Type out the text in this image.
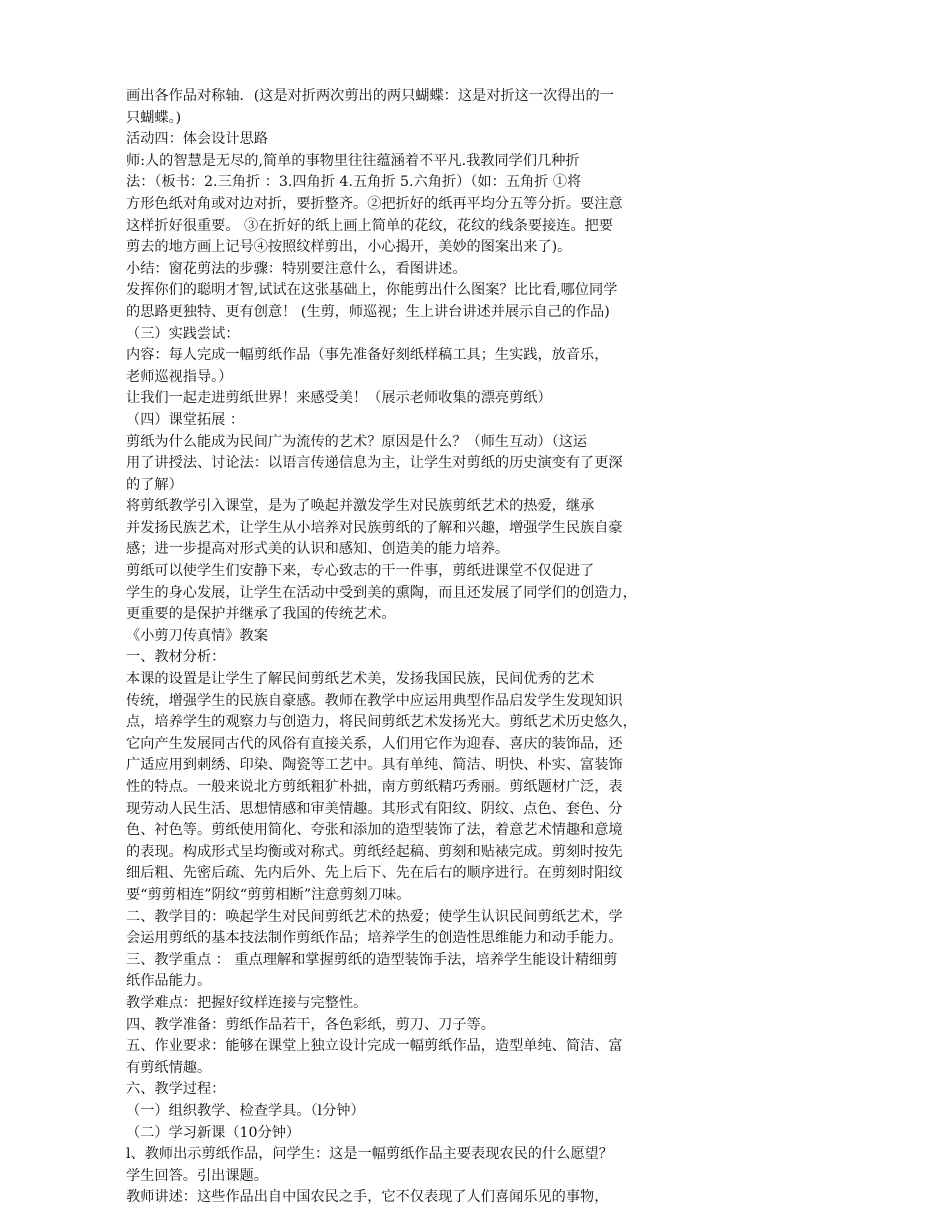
画出各作品对称轴．(这是对折两次剪出的两只蝴蝶：这是对折这一次得出的一
只蝴蝶。)
活动四：体会设计思路
师:人的智慧是无尽的,简单的事物里往往蕴涵着不平凡.我教同学们几种折
法：（板书：2.三角折 ：3.四角折 4.五角折 5.六角折）（如：五角折 ①将
方形色纸对角或对边对折，要折整齐。②把折好的纸再平均分五等分折。要注意
这样折好很重要。 ③在折好的纸上画上简单的花纹，花纹的线条要接连。把要
剪去的地方画上记号④按照纹样剪出，小心揭开，美妙的图案出来了)。
小结：窗花剪法的步骤：特别要注意什么，看图讲述。
发挥你们的聪明才智,试试在这张基础上，你能剪出什么图案？比比看,哪位同学
的思路更独特、更有创意！ (生剪，师巡视；生上讲台讲述并展示自己的作品)
（三）实践尝试：
内容：每人完成一幅剪纸作品（事先准备好刻纸样稿工具；生实践，放音乐，
老师巡视指导。）
让我们一起走进剪纸世界！来感受美！（展示老师收集的漂亮剪纸）
（四）课堂拓展 ：
剪纸为什么能成为民间广为流传的艺术？原因是什么？（师生互动）（这运
用了讲授法、讨论法：以语言传递信息为主，让学生对剪纸的历史演变有了更深
的了解）
将剪纸教学引入课堂，是为了唤起并激发学生对民族剪纸艺术的热爱，继承
并发扬民族艺术，让学生从小培养对民族剪纸的了解和兴趣，增强学生民族自豪
感；进一步提高对形式美的认识和感知、创造美的能力培养。
剪纸可以使学生们安静下来，专心致志的干一件事，剪纸进课堂不仅促进了
学生的身心发展，让学生在活动中受到美的熏陶，而且还发展了同学们的创造力，
更重要的是保护并继承了我国的传统艺术。
《小剪刀传真情》教案
一、教材分析：
本课的设置是让学生了解民间剪纸艺术美，发扬我国民族，民间优秀的艺术
传统，增强学生的民族自豪感。教师在教学中应运用典型作品启发学生发现知识
点，培养学生的观察力与创造力，将民间剪纸艺术发扬光大。剪纸艺术历史悠久，
它向产生发展同古代的风俗有直接关系，人们用它作为迎春、喜庆的装饰品，还
广适应用到刺绣、印染、陶瓷等工艺中。具有单纯、简洁、明快、朴实、富装饰
性的特点。一般来说北方剪纸粗犷朴拙，南方剪纸精巧秀丽。剪纸题材广泛，表
现劳动人民生活、思想情感和审美情趣。其形式有阳纹、阴纹、点色、套色、分
色、衬色等。剪纸使用简化、夸张和添加的造型装饰了法，着意艺术情趣和意境
的表现。构成形式呈均衡或对称式。剪纸经起稿、剪刻和贴裱完成。剪刻时按先
细后粗、先密后疏、先内后外、先上后下、先在后右的顺序进行。在剪刻时阳纹
要“剪剪相连”阴纹“剪剪相断”注意剪刻刀味。
二、教学目的：唤起学生对民间剪纸艺术的热爱；使学生认识民间剪纸艺术，学
会运用剪纸的基本技法制作剪纸作品；培养学生的创造性思维能力和动手能力。
三、教学重点 ： 重点理解和掌握剪纸的造型装饰手法，培养学生能设计精细剪
纸作品能力。
教学难点：把握好纹样连接与完整性。
四、教学准备：剪纸作品若干，各色彩纸，剪刀、刀子等。
五、作业要求：能够在课堂上独立设计完成一幅剪纸作品，造型单纯、简洁、富
有剪纸情趣。
六、教学过程：
（一）组织教学、检查学具。（l分钟）
（二）学习新课（10分钟）
l、教师出示剪纸作品，问学生：这是一幅剪纸作品主要表现农民的什么愿望？
学生回答。引出课题。
教师讲述：这些作品出自中国农民之手，它不仅表现了人们喜闻乐见的事物，
